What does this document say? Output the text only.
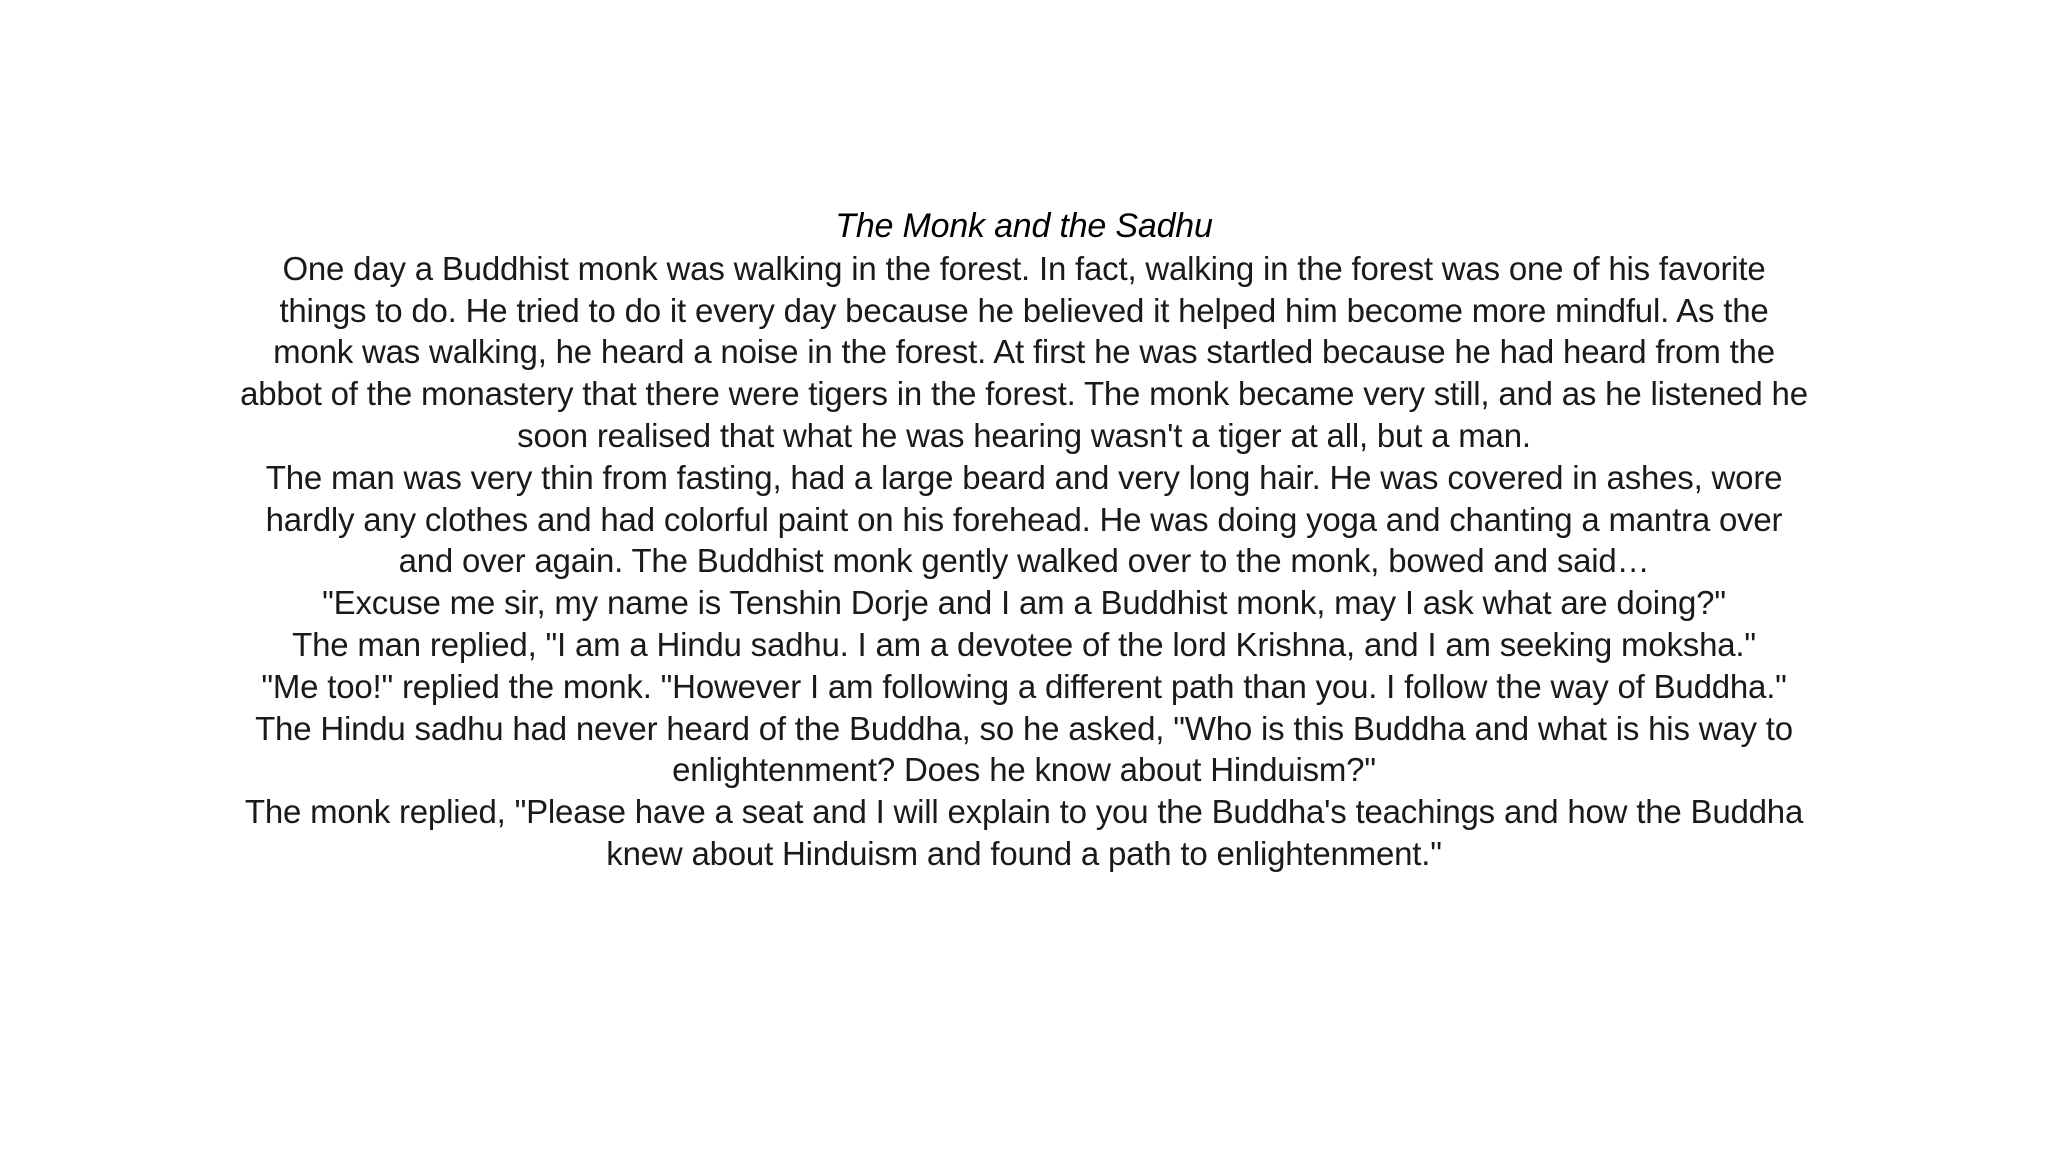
The Monk and the Sadhu

One day a Buddhist monk was walking in the forest. In fact, walking in the forest was one of his favorite things to do. He tried to do it every day because he believed it helped him become more mindful. As the monk was walking, he heard a noise in the forest. At first he was startled because he had heard from the abbot of the monastery that there were tigers in the forest. The monk became very still, and as he listened he soon realised that what he was hearing wasn't a tiger at all, but a man.

The man was very thin from fasting, had a large beard and very long hair. He was covered in ashes, wore hardly any clothes and had colorful paint on his forehead. He was doing yoga and chanting a mantra over and over again. The Buddhist monk gently walked over to the monk, bowed and said…

"Excuse me sir, my name is Tenshin Dorje and I am a Buddhist monk, may I ask what are doing?"

The man replied, "I am a Hindu sadhu. I am a devotee of the lord Krishna, and I am seeking moksha."

"Me too!" replied the monk. "However I am following a different path than you. I follow the way of Buddha."

The Hindu sadhu had never heard of the Buddha, so he asked, "Who is this Buddha and what is his way to enlightenment? Does he know about Hinduism?"

The monk replied, "Please have a seat and I will explain to you the Buddha's teachings and how the Buddha knew about Hinduism and found a path to enlightenment."
